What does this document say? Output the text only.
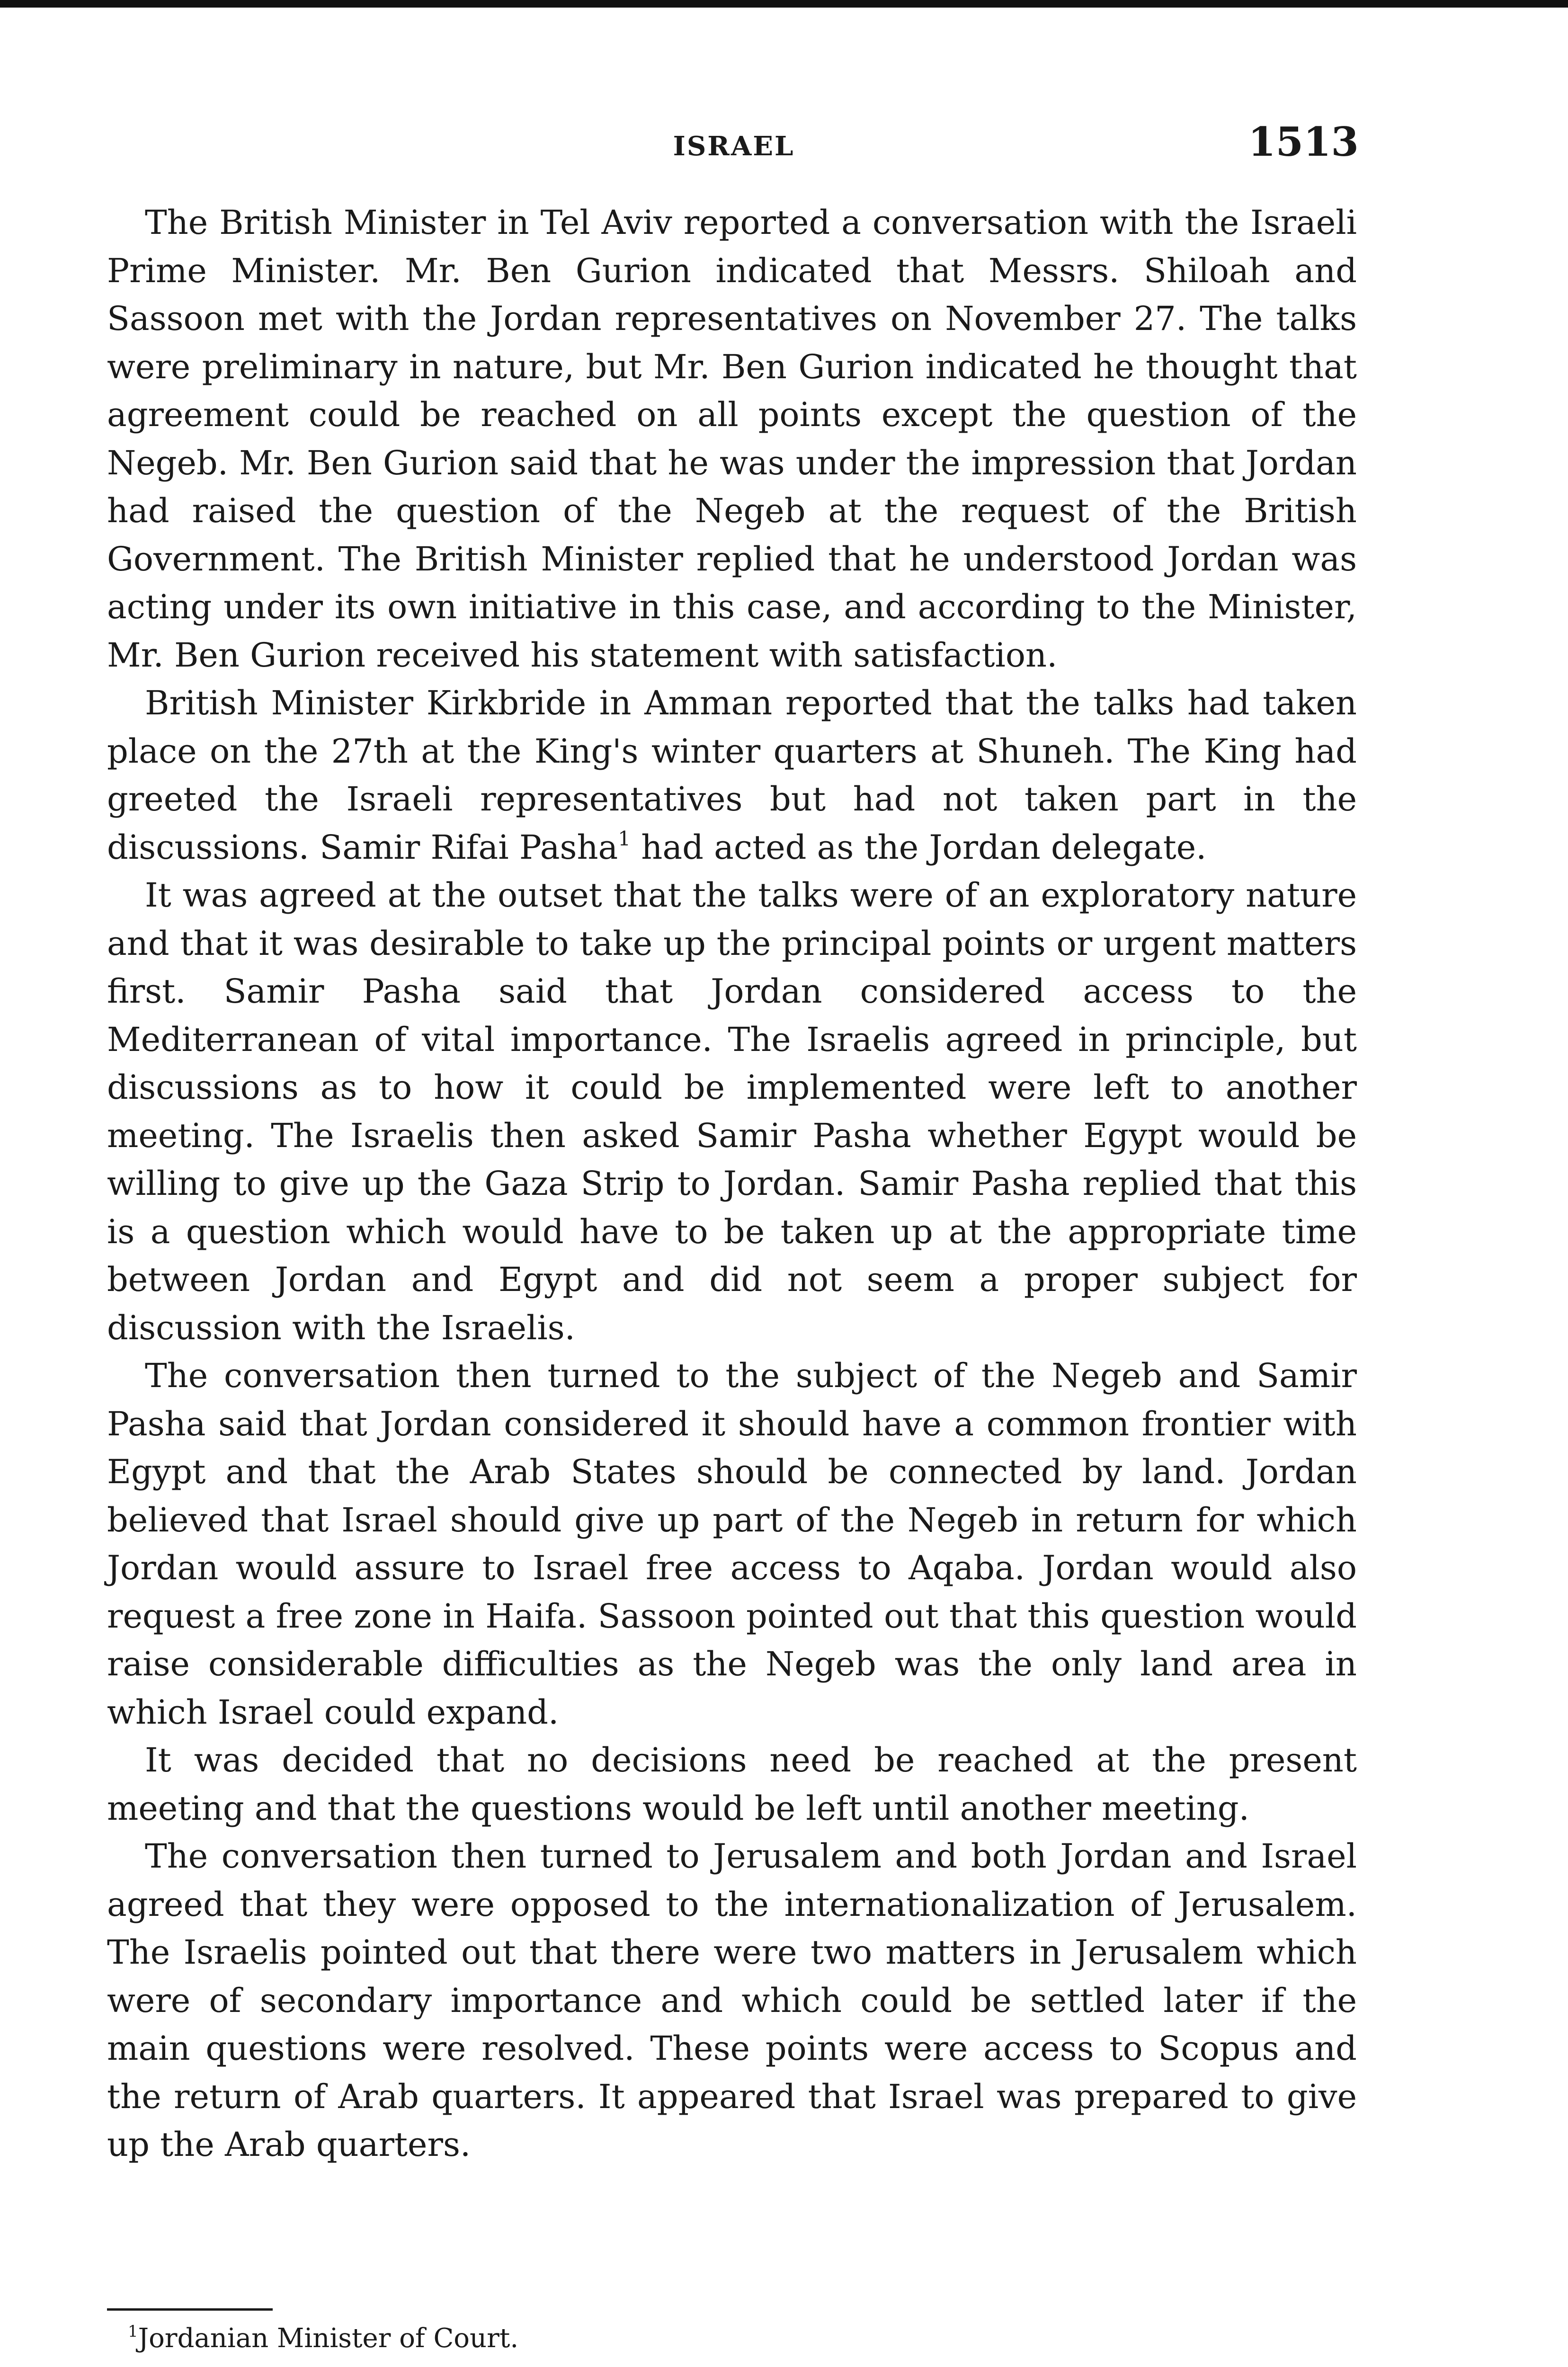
ISRAEL	1513

The British Minister in Tel Aviv reported a conversation with the Israeli Prime Minister. Mr. Ben Gurion indicated that Messrs. Shiloah and Sassoon met with the Jordan representatives on November 27. The talks were preliminary in nature, but Mr. Ben Gurion indicated he thought that agreement could be reached on all points except the question of the Negeb. Mr. Ben Gurion said that he was under the impression that Jordan had raised the question of the Negeb at the request of the British Government. The British Minister replied that he understood Jordan was acting under its own initiative in this case, and according to the Minister, Mr. Ben Gurion received his statement with satisfaction.

British Minister Kirkbride in Amman reported that the talks had taken place on the 27th at the King's winter quarters at Shuneh. The King had greeted the Israeli representatives but had not taken part in the discussions. Samir Rifai Pasha$^1$ had acted as the Jordan delegate.

It was agreed at the outset that the talks were of an exploratory nature and that it was desirable to take up the principal points or urgent matters first. Samir Pasha said that Jordan considered access to the Mediterranean of vital importance. The Israelis agreed in principle, but discussions as to how it could be implemented were left to another meeting. The Israelis then asked Samir Pasha whether Egypt would be willing to give up the Gaza Strip to Jordan. Samir Pasha replied that this is a question which would have to be taken up at the appropriate time between Jordan and Egypt and did not seem a proper subject for discussion with the Israelis.

The conversation then turned to the subject of the Negeb and Samir Pasha said that Jordan considered it should have a common frontier with Egypt and that the Arab States should be connected by land. Jordan believed that Israel should give up part of the Negeb in return for which Jordan would assure to Israel free access to Aqaba. Jordan would also request a free zone in Haifa. Sassoon pointed out that this question would raise considerable difficulties as the Negeb was the only land area in which Israel could expand.

It was decided that no decisions need be reached at the present meeting and that the questions would be left until another meeting.

The conversation then turned to Jerusalem and both Jordan and Israel agreed that they were opposed to the internationalization of Jerusalem. The Israelis pointed out that there were two matters in Jerusalem which were of secondary importance and which could be settled later if the main questions were resolved. These points were access to Scopus and the return of Arab quarters. It appeared that Israel was prepared to give up the Arab quarters.

$^1$Jordanian Minister of Court.
